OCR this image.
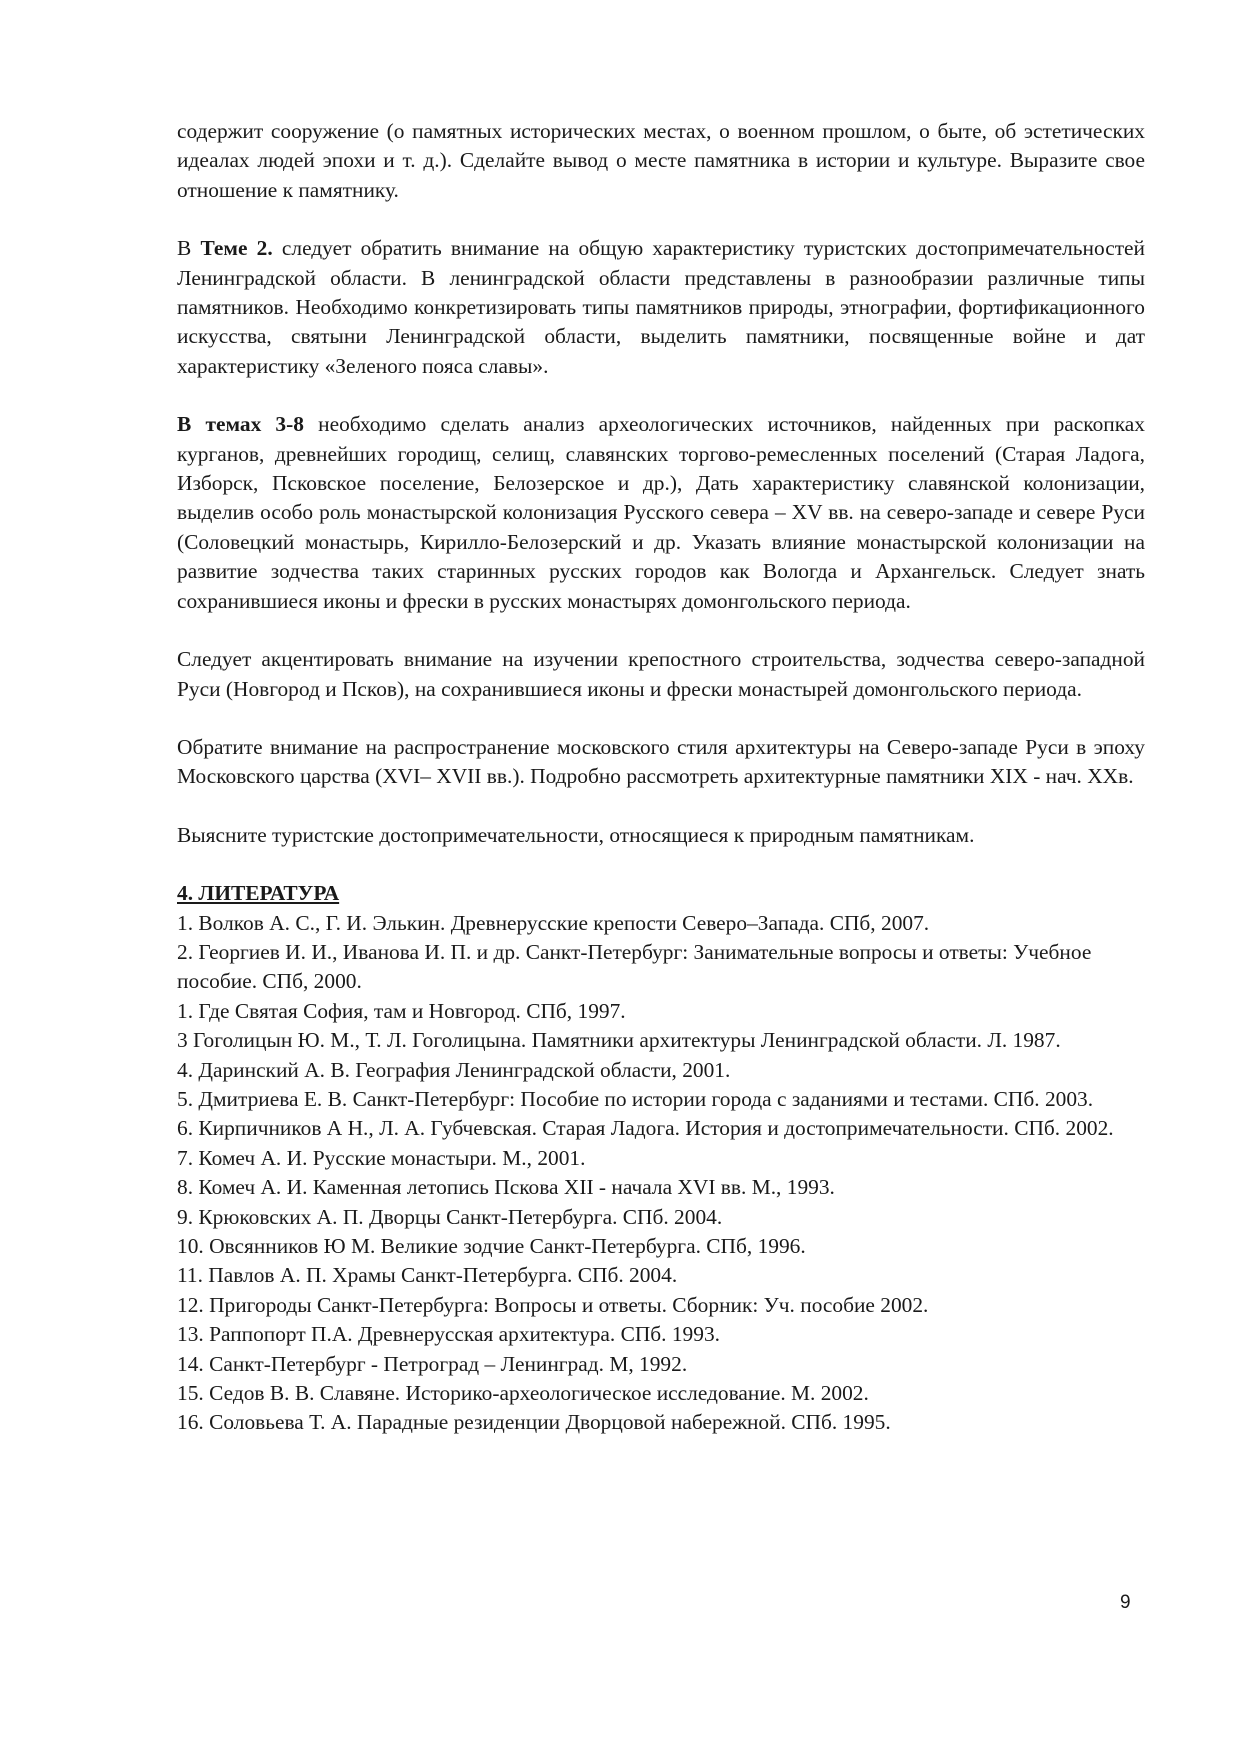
содержит сооружение (о памятных исторических местах, о военном прошлом, о быте, об эстетических идеалах людей эпохи и т. д.). Сделайте вывод о месте памятника в истории и культуре. Выразите свое отношение к памятнику.

В Теме 2. следует обратить внимание на общую характеристику туристских достопримечательностей Ленинградской области. В ленинградской области представлены в разнообразии различные типы памятников. Необходимо конкретизировать типы памятников природы, этнографии, фортификационного искусства, святыни Ленинградской области, выделить памятники, посвященные войне и дат характеристику «Зеленого пояса славы».

В темах 3-8 необходимо сделать анализ археологических источников, найденных при раскопках курганов, древнейших городищ, селищ, славянских торгово-ремесленных поселений (Старая Ладога, Изборск, Псковское поселение, Белозерское и др.), Дать характеристику славянской колонизации, выделив особо роль монастырской колонизация Русского севера – XV вв. на северо-западе и севере Руси (Соловецкий монастырь, Кирилло-Белозерский и др. Указать влияние монастырской колонизации на развитие зодчества таких старинных русских городов как Вологда и Архангельск. Следует знать сохранившиеся иконы и фрески в русских монастырях домонгольского периода.

Следует акцентировать внимание на изучении крепостного строительства, зодчества северо-западной Руси (Новгород и Псков), на сохранившиеся иконы и фрески монастырей домонгольского периода.

Обратите внимание на распространение московского стиля архитектуры на Северо-западе Руси в эпоху Московского царства (XVI– XVII вв.). Подробно рассмотреть архитектурные памятники XIX - нач. XXв.

Выясните туристские достопримечательности, относящиеся к природным памятникам.

4. ЛИТЕРАТУРА

1. Волков А. С., Г. И. Элькин. Древнерусские крепости Северо–Запада. СПб, 2007.
2. Георгиев И. И., Иванова И. П. и др. Санкт-Петербург: Занимательные вопросы и ответы: Учебное пособие. СПб, 2000.
1. Где Святая София, там и Новгород. СПб, 1997.
3 Гоголицын Ю. М., Т. Л. Гоголицына. Памятники архитектуры Ленинградской области. Л. 1987.
4. Даринский А. В. География Ленинградской области, 2001.
5. Дмитриева Е. В. Санкт-Петербург: Пособие по истории города с заданиями и тестами. СПб. 2003.
6. Кирпичников А Н., Л. А. Губчевская. Старая Ладога. История и достопримечательности. СПб. 2002.
7. Комеч А. И. Русские монастыри. М., 2001.
8. Комеч А. И. Каменная летопись Пскова XII - начала XVI вв. М., 1993.
9. Крюковских А. П. Дворцы Санкт-Петербурга. СПб. 2004.
10. Овсянников Ю М. Великие зодчие Санкт-Петербурга. СПб, 1996.
11. Павлов А. П. Храмы Санкт-Петербурга. СПб. 2004.
12. Пригороды Санкт-Петербурга: Вопросы и ответы. Сборник: Уч. пособие 2002.
13. Раппопорт П.А. Древнерусская архитектура. СПб. 1993.
14. Санкт-Петербург - Петроград – Ленинград. М, 1992.
15. Седов В. В. Славяне. Историко-археологическое исследование. М. 2002.
16. Соловьева Т. А. Парадные резиденции Дворцовой набережной. СПб. 1995.
9
